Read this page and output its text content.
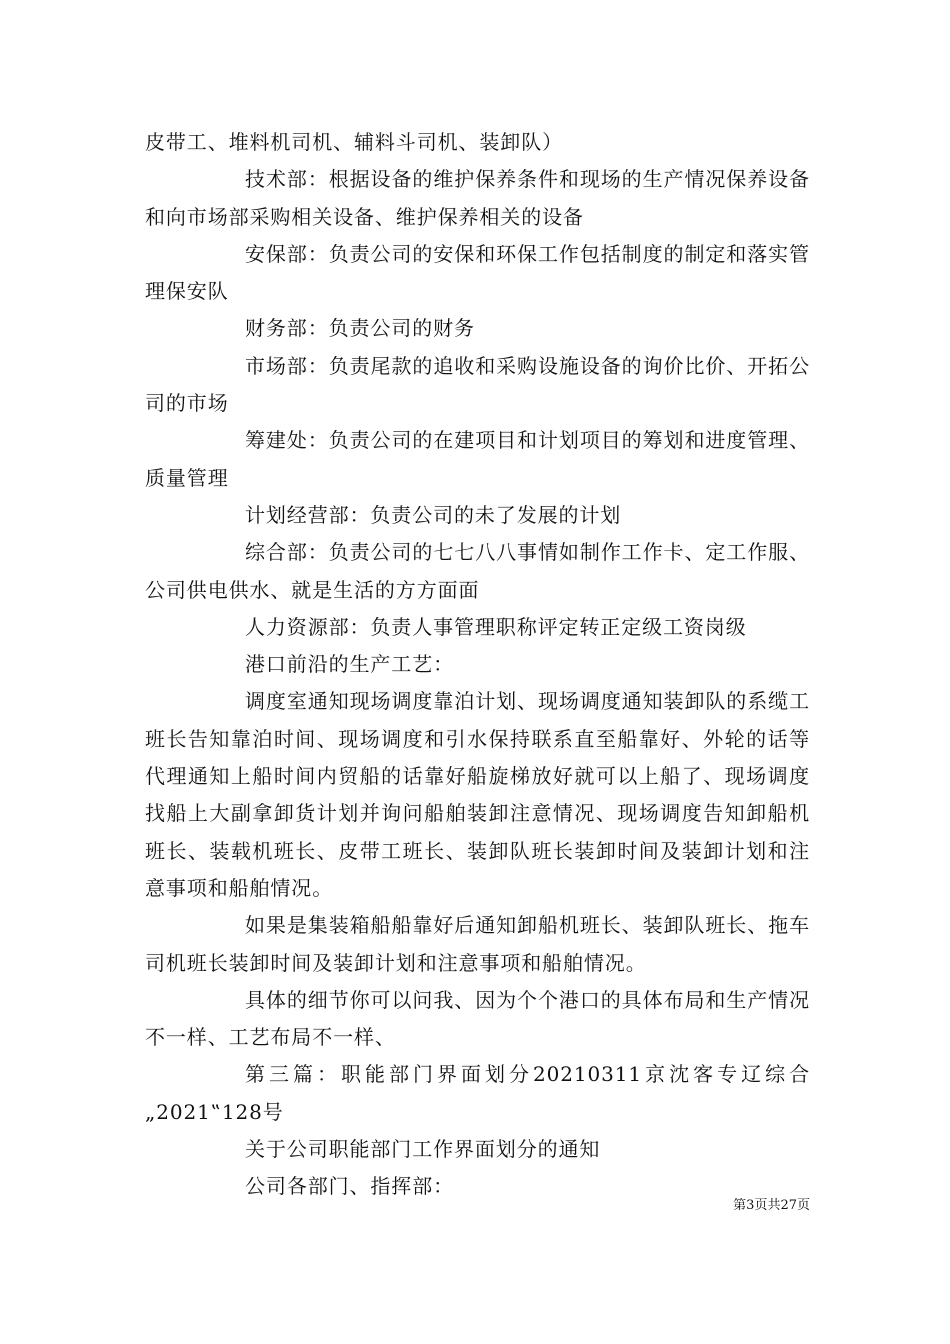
皮带工、堆料机司机、辅料斗司机、装卸队）

技术部：根据设备的维护保养条件和现场的生产情况保养设备和向市场部采购相关设备、维护保养相关的设备

安保部：负责公司的安保和环保工作包括制度的制定和落实管理保安队

财务部：负责公司的财务

市场部：负责尾款的追收和采购设施设备的询价比价、开拓公司的市场

筹建处：负责公司的在建项目和计划项目的筹划和进度管理、质量管理

计划经营部：负责公司的未了发展的计划

综合部：负责公司的七七八八事情如制作工作卡、定工作服、公司供电供水、就是生活的方方面面

人力资源部：负责人事管理职称评定转正定级工资岗级

港口前沿的生产工艺：

调度室通知现场调度靠泊计划、现场调度通知装卸队的系缆工班长告知靠泊时间、现场调度和引水保持联系直至船靠好、外轮的话等代理通知上船时间内贸船的话靠好船旋梯放好就可以上船了、现场调度找船上大副拿卸货计划并询问船舶装卸注意情况、现场调度告知卸船机班长、装载机班长、皮带工班长、装卸队班长装卸时间及装卸计划和注意事项和船舶情况。

如果是集装箱船船靠好后通知卸船机班长、装卸队班长、拖车司机班长装卸时间及装卸计划和注意事项和船舶情况。

具体的细节你可以问我、因为个个港口的具体布局和生产情况不一样、工艺布局不一样、

第三篇：职能部门界面划分20210311京沈客专辽综合„2021‟128号

关于公司职能部门工作界面划分的通知

公司各部门、指挥部：

第3页共27页
